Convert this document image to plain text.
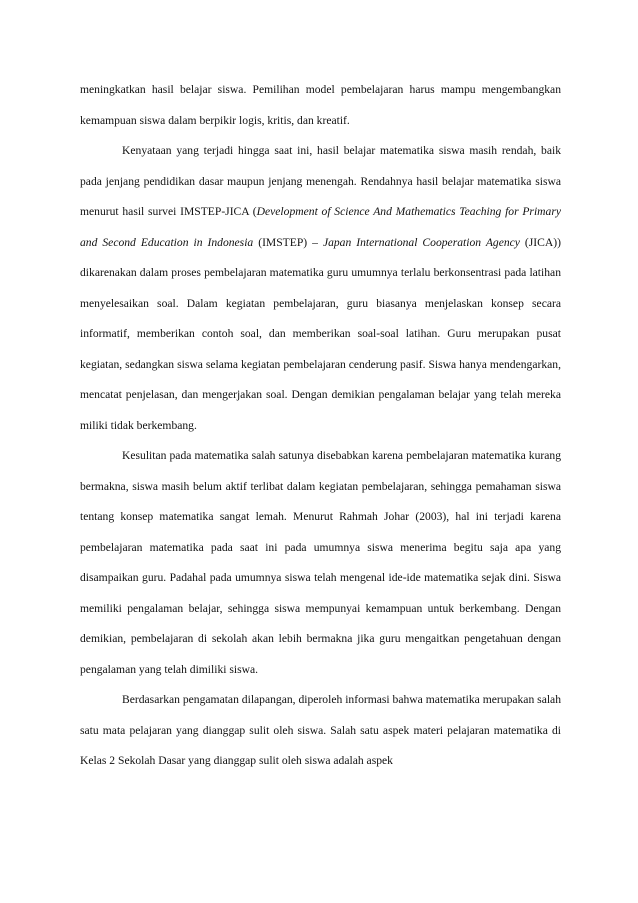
meningkatkan hasil belajar siswa. Pemilihan model pembelajaran harus mampu mengembangkan kemampuan siswa dalam berpikir logis, kritis, dan kreatif.

Kenyataan yang terjadi hingga saat ini, hasil belajar matematika siswa masih rendah, baik pada jenjang pendidikan dasar maupun jenjang menengah. Rendahnya hasil belajar matematika siswa menurut hasil survei IMSTEP-JICA (Development of Science And Mathematics Teaching for Primary and Second Education in Indonesia (IMSTEP) – Japan International Cooperation Agency (JICA)) dikarenakan dalam proses pembelajaran matematika guru umumnya terlalu berkonsentrasi pada latihan menyelesaikan soal. Dalam kegiatan pembelajaran, guru biasanya menjelaskan konsep secara informatif, memberikan contoh soal, dan memberikan soal-soal latihan. Guru merupakan pusat kegiatan, sedangkan siswa selama kegiatan pembelajaran cenderung pasif. Siswa hanya mendengarkan, mencatat penjelasan, dan mengerjakan soal. Dengan demikian pengalaman belajar yang telah mereka miliki tidak berkembang.

Kesulitan pada matematika salah satunya disebabkan karena pembelajaran matematika kurang bermakna, siswa masih belum aktif terlibat dalam kegiatan pembelajaran, sehingga pemahaman siswa tentang konsep matematika sangat lemah. Menurut Rahmah Johar (2003), hal ini terjadi karena pembelajaran matematika pada saat ini pada umumnya siswa menerima begitu saja apa yang disampaikan guru. Padahal pada umumnya siswa telah mengenal ide-ide matematika sejak dini. Siswa memiliki pengalaman belajar, sehingga siswa mempunyai kemampuan untuk berkembang. Dengan demikian, pembelajaran di sekolah akan lebih bermakna jika guru mengaitkan pengetahuan dengan pengalaman yang telah dimiliki siswa.

Berdasarkan pengamatan dilapangan, diperoleh informasi bahwa matematika merupakan salah satu mata pelajaran yang dianggap sulit oleh siswa. Salah satu aspek materi pelajaran matematika di Kelas 2 Sekolah Dasar yang dianggap sulit oleh siswa adalah aspek
